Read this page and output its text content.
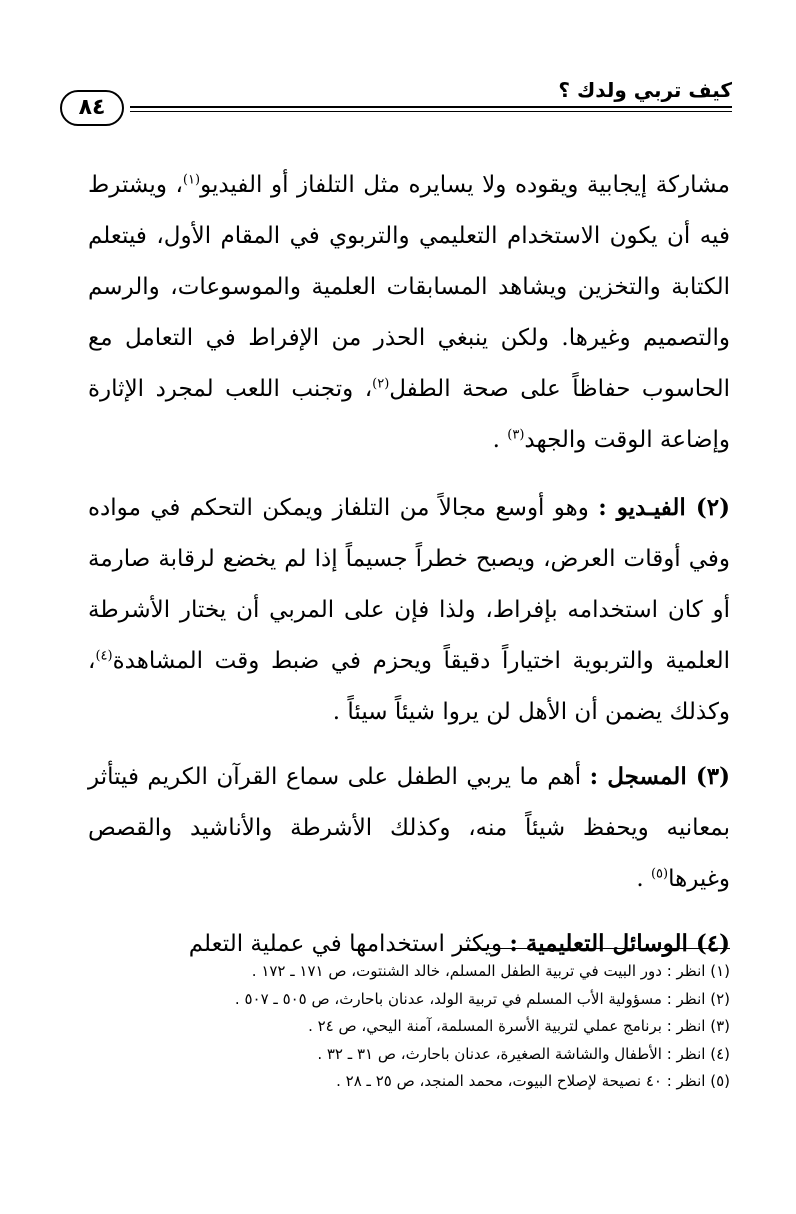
كيف تربي ولدك ؟
٨٤

مشاركة إيجابية ويقوده ولا يسايره مثل التلفاز أو الفيديو$^{(١)}$، ويشترط فيه أن يكون الاستخدام التعليمي والتربوي في المقام الأول، فيتعلم الكتابة والتخزين ويشاهد المسابقات العلمية والموسوعات، والرسم والتصميم وغيرها. ولكن ينبغي الحذر من الإفراط في التعامل مع الحاسوب حفاظاً على صحة الطفل$^{(٢)}$، وتجنب اللعب لمجرد الإثارة وإضاعة الوقت والجهد$^{(٣)}$ .

(٢) الفيـديو : وهو أوسع مجالاً من التلفاز ويمكن التحكم في مواده وفي أوقات العرض، ويصبح خطراً جسيماً إذا لم يخضع لرقابة صارمة أو كان استخدامه بإفراط، ولذا فإن على المربي أن يختار الأشرطة العلمية والتربوية اختياراً دقيقاً ويحزم في ضبط وقت المشاهدة$^{(٤)}$، وكذلك يضمن أن الأهل لن يروا شيئاً سيئاً .

(٣) المسجل : أهم ما يربي الطفل على سماع القرآن الكريم فيتأثر بمعانيه ويحفظ شيئاً منه، وكذلك الأشرطة والأناشيد والقصص وغيرها$^{(٥)}$ .

(٤) الوسائل التعليمية : ويكثر استخدامها في عملية التعلم

(١) انظر : دور البيت في تربية الطفل المسلم، خالد الشنتوت، ص ١٧١ ـ ١٧٢ .
(٢) انظر : مسؤولية الأب المسلم في تربية الولد، عدنان باحارث، ص ٥٠٥ ـ ٥٠٧ .
(٣) انظر : برنامج عملي لتربية الأسرة المسلمة، آمنة اليحي، ص ٢٤ .
(٤) انظر : الأطفال والشاشة الصغيرة، عدنان باحارث، ص ٣١ ـ ٣٢ .
(٥) انظر : ٤٠ نصيحة لإصلاح البيوت، محمد المنجد، ص ٢٥ ـ ٢٨ .
